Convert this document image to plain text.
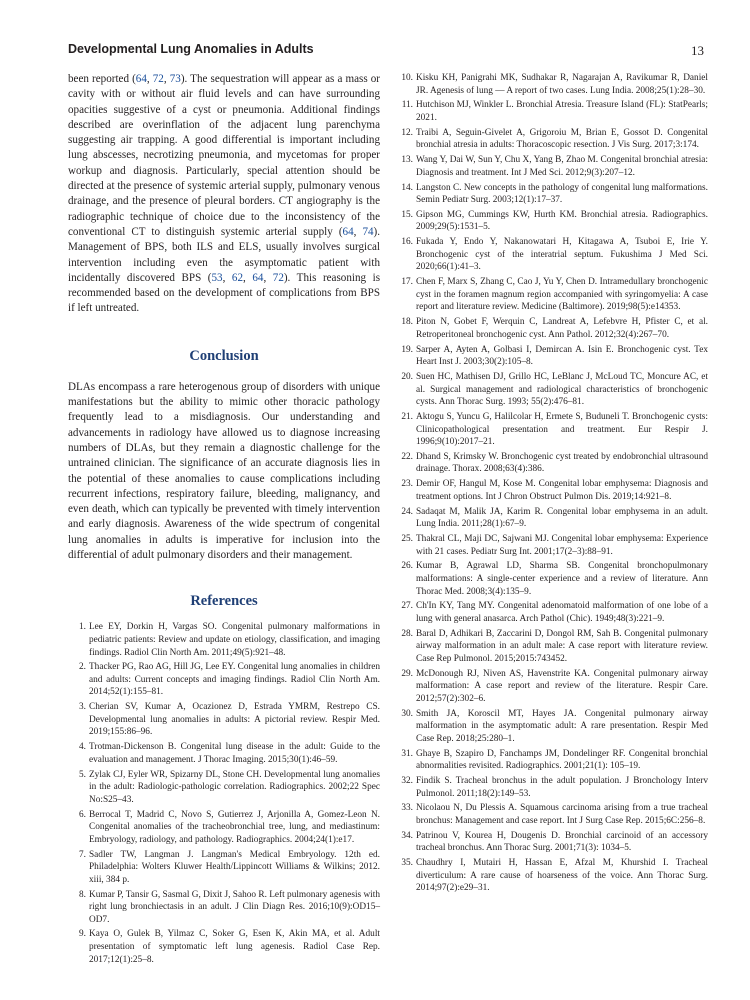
Developmental Lung Anomalies in Adults	13

been reported (64, 72, 73). The sequestration will appear as a mass or cavity with or without air fluid levels and can have surrounding opacities suggestive of a cyst or pneumonia. Additional findings described are overinflation of the adjacent lung parenchyma suggesting air trapping. A good differential is important including lung abscesses, necrotizing pneumonia, and mycetomas for proper workup and diagnosis. Particularly, special attention should be directed at the presence of systemic arterial supply, pulmonary venous drainage, and the presence of pleural borders. CT angiography is the radiographic technique of choice due to the inconsistency of the conventional CT to distinguish systemic arterial supply (64, 74). Management of BPS, both ILS and ELS, usually involves surgical intervention including even the asymptomatic patient with incidentally discovered BPS (53, 62, 64, 72). This reasoning is recommended based on the development of complications from BPS if left untreated.

Conclusion

DLAs encompass a rare heterogenous group of disorders with unique manifestations but the ability to mimic other thoracic pathology frequently lead to a misdiagnosis. Our understanding and advancements in radiology have allowed us to diagnose increasing numbers of DLAs, but they remain a diagnostic challenge for the untrained clinician. The significance of an accurate diagnosis lies in the potential of these anomalies to cause complications including recurrent infections, respiratory failure, bleeding, malignancy, and even death, which can typically be prevented with timely intervention and early diagnosis. Awareness of the wide spectrum of congenital lung anomalies in adults is imperative for inclusion into the differential of adult pulmonary disorders and their management.

References
1. Lee EY, Dorkin H, Vargas SO. Congenital pulmonary malformations in pediatric patients: Review and update on etiology, classification, and imaging findings. Radiol Clin North Am. 2011;49(5):921–48.
2. Thacker PG, Rao AG, Hill JG, Lee EY. Congenital lung anomalies in children and adults: Current concepts and imaging findings. Radiol Clin North Am. 2014;52(1):155–81.
3. Cherian SV, Kumar A, Ocazionez D, Estrada YMRM, Restrepo CS. Developmental lung anomalies in adults: A pictorial review. Respir Med. 2019;155:86–96.
4. Trotman-Dickenson B. Congenital lung disease in the adult: Guide to the evaluation and management. J Thorac Imaging. 2015;30(1):46–59.
5. Zylak CJ, Eyler WR, Spizarny DL, Stone CH. Developmental lung anomalies in the adult: Radiologic-pathologic correlation. Radiographics. 2002;22 Spec No:S25–43.
6. Berrocal T, Madrid C, Novo S, Gutierrez J, Arjonilla A, Gomez-Leon N. Congenital anomalies of the tracheobronchial tree, lung, and mediastinum: Embryology, radiology, and pathology. Radiographics. 2004;24(1):e17.
7. Sadler TW, Langman J. Langman's Medical Embryology. 12th ed. Philadelphia: Wolters Kluwer Health/Lippincott Williams & Wilkins; 2012. xiii, 384 p.
8. Kumar P, Tansir G, Sasmal G, Dixit J, Sahoo R. Left pulmonary agenesis with right lung bronchiectasis in an adult. J Clin Diagn Res. 2016;10(9):OD15–OD7.
9. Kaya O, Gulek B, Yilmaz C, Soker G, Esen K, Akin MA, et al. Adult presentation of symptomatic left lung agenesis. Radiol Case Rep. 2017;12(1):25–8.
10. Kisku KH, Panigrahi MK, Sudhakar R, Nagarajan A, Ravikumar R, Daniel JR. Agenesis of lung — A report of two cases. Lung India. 2008;25(1):28–30.
11. Hutchison MJ, Winkler L. Bronchial Atresia. Treasure Island (FL): StatPearls; 2021.
12. Traibi A, Seguin-Givelet A, Grigoroiu M, Brian E, Gossot D. Congenital bronchial atresia in adults: Thoracoscopic resection. J Vis Surg. 2017;3:174.
13. Wang Y, Dai W, Sun Y, Chu X, Yang B, Zhao M. Congenital bronchial atresia: Diagnosis and treatment. Int J Med Sci. 2012;9(3):207–12.
14. Langston C. New concepts in the pathology of congenital lung malformations. Semin Pediatr Surg. 2003;12(1):17–37.
15. Gipson MG, Cummings KW, Hurth KM. Bronchial atresia. Radiographics. 2009;29(5):1531–5.
16. Fukada Y, Endo Y, Nakanowatari H, Kitagawa A, Tsuboi E, Irie Y. Bronchogenic cyst of the interatrial septum. Fukushima J Med Sci. 2020;66(1):41–3.
17. Chen F, Marx S, Zhang C, Cao J, Yu Y, Chen D. Intramedullary bronchogenic cyst in the foramen magnum region accompanied with syringomyelia: A case report and literature review. Medicine (Baltimore). 2019;98(5):e14353.
18. Piton N, Gobet F, Werquin C, Landreat A, Lefebvre H, Pfister C, et al. Retroperitoneal bronchogenic cyst. Ann Pathol. 2012;32(4):267–70.
19. Sarper A, Ayten A, Golbasi I, Demircan A. Isin E. Bronchogenic cyst. Tex Heart Inst J. 2003;30(2):105–8.
20. Suen HC, Mathisen DJ, Grillo HC, LeBlanc J, McLoud TC, Moncure AC, et al. Surgical management and radiological characteristics of bronchogenic cysts. Ann Thorac Surg. 1993; 55(2):476–81.
21. Aktogu S, Yuncu G, Halilcolar H, Ermete S, Buduneli T. Bronchogenic cysts: Clinicopathological presentation and treatment. Eur Respir J. 1996;9(10):2017–21.
22. Dhand S, Krimsky W. Bronchogenic cyst treated by endobronchial ultrasound drainage. Thorax. 2008;63(4):386.
23. Demir OF, Hangul M, Kose M. Congenital lobar emphysema: Diagnosis and treatment options. Int J Chron Obstruct Pulmon Dis. 2019;14:921–8.
24. Sadaqat M, Malik JA, Karim R. Congenital lobar emphysema in an adult. Lung India. 2011;28(1):67–9.
25. Thakral CL, Maji DC, Sajwani MJ. Congenital lobar emphysema: Experience with 21 cases. Pediatr Surg Int. 2001;17(2–3):88–91.
26. Kumar B, Agrawal LD, Sharma SB. Congenital bronchopulmonary malformations: A single-center experience and a review of literature. Ann Thorac Med. 2008;3(4):135–9.
27. Ch'In KY, Tang MY. Congenital adenomatoid malformation of one lobe of a lung with general anasarca. Arch Pathol (Chic). 1949;48(3):221–9.
28. Baral D, Adhikari B, Zaccarini D, Dongol RM, Sah B. Congenital pulmonary airway malformation in an adult male: A case report with literature review. Case Rep Pulmonol. 2015;2015:743452.
29. McDonough RJ, Niven AS, Havenstrite KA. Congenital pulmonary airway malformation: A case report and review of the literature. Respir Care. 2012;57(2):302–6.
30. Smith JA, Koroscil MT, Hayes JA. Congenital pulmonary airway malformation in the asymptomatic adult: A rare presentation. Respir Med Case Rep. 2018;25:280–1.
31. Ghaye B, Szapiro D, Fanchamps JM, Dondelinger RF. Congenital bronchial abnormalities revisited. Radiographics. 2001;21(1): 105–19.
32. Findik S. Tracheal bronchus in the adult population. J Bronchology Interv Pulmonol. 2011;18(2):149–53.
33. Nicolaou N, Du Plessis A. Squamous carcinoma arising from a true tracheal bronchus: Management and case report. Int J Surg Case Rep. 2015;6C:256–8.
34. Patrinou V, Kourea H, Dougenis D. Bronchial carcinoid of an accessory tracheal bronchus. Ann Thorac Surg. 2001;71(3): 1034–5.
35. Chaudhry I, Mutairi H, Hassan E, Afzal M, Khurshid I. Tracheal diverticulum: A rare cause of hoarseness of the voice. Ann Thorac Surg. 2014;97(2):e29–31.
